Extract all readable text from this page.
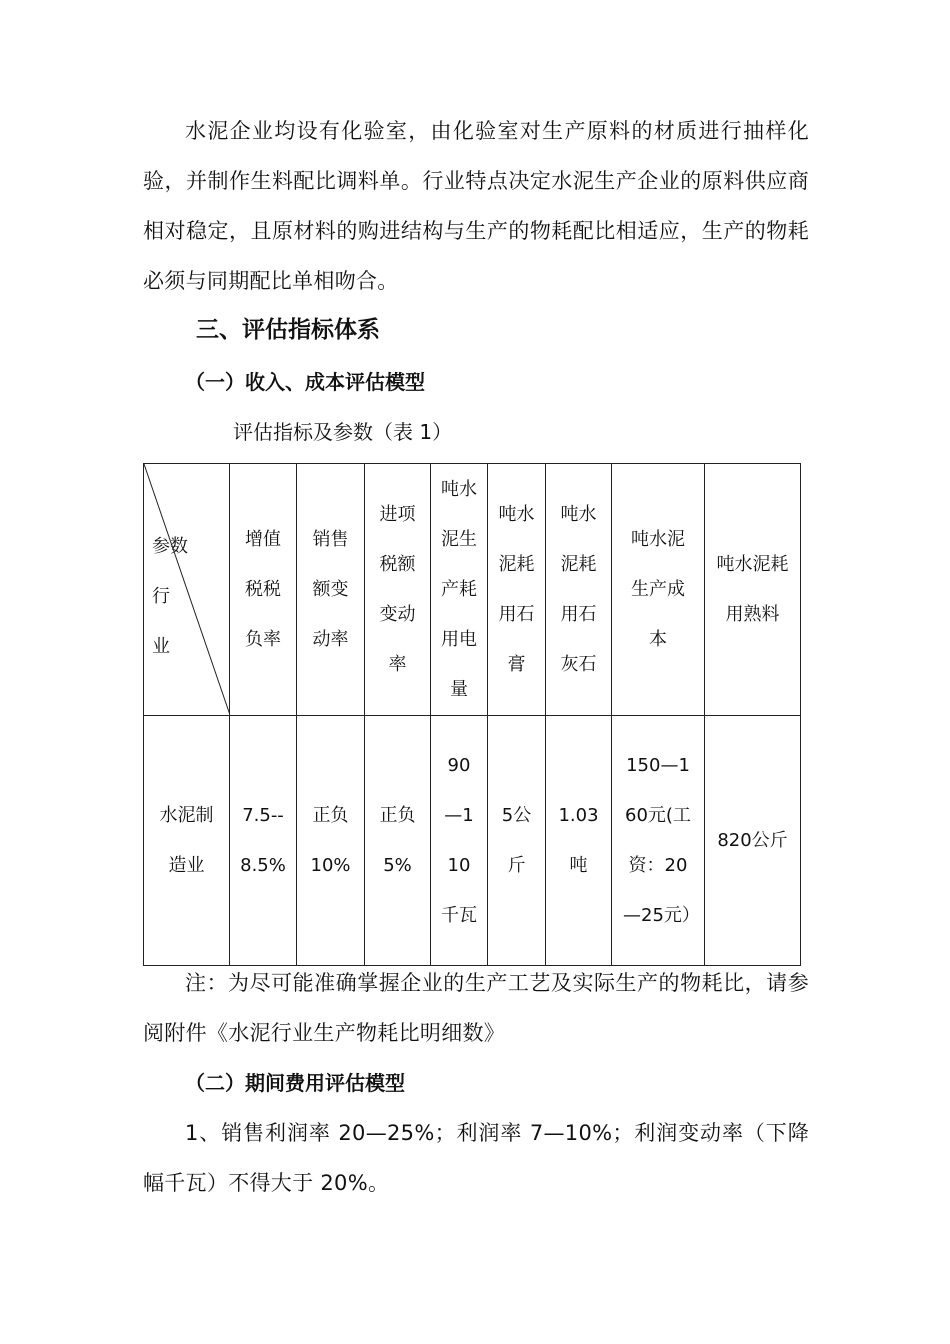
水泥企业均设有化验室，由化验室对生产原料的材质进行抽样化验，并制作生料配比调料单。行业特点决定水泥生产企业的原料供应商相对稳定，且原材料的购进结构与生产的物耗配比相适应，生产的物耗必须与同期配比单相吻合。

三、评估指标体系
（一）收入、成本评估模型

评估指标及参数（表 1）

参数
行
业	增值税税负率	销售额变动率	进项税额变动率	吨水泥生产耗用电量	吨水泥耗用石膏	吨水泥耗用石灰石	吨水泥生产成本	吨水泥耗用熟料

水泥制造业	7.5--8.5%	正负10%	正负5%	90—110千瓦	5公斤	1.03吨	150—160元(工资：20—25元）	820公斤

注：为尽可能准确掌握企业的生产工艺及实际生产的物耗比，请参阅附件《水泥行业生产物耗比明细数》

（二）期间费用评估模型

1、销售利润率 20—25%；利润率 7—10%；利润变动率（下降幅千瓦）不得大于 20%。
